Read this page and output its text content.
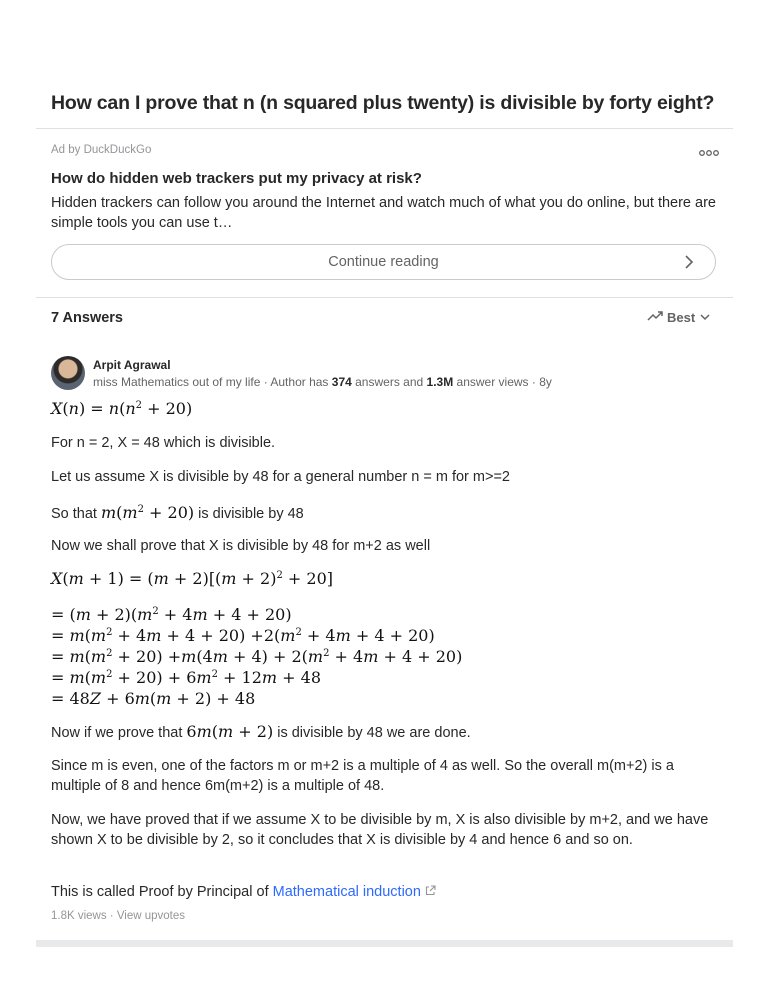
How can I prove that n (n squared plus twenty) is divisible by forty eight?
Ad by DuckDuckGo
How do hidden web trackers put my privacy at risk?
Hidden trackers can follow you around the Internet and watch much of what you do online, but there are simple tools you can use t…
Continue reading
7 Answers	Best
Arpit Agrawal
miss Mathematics out of my life · Author has 374 answers and 1.3M answer views · 8y
$X(n) = n(n^2 + 20)$
For n = 2, X = 48 which is divisible.
Let us assume X is divisible by 48 for a general number n = m for m>=2
So that $m(m^2 + 20)$ is divisible by 48
Now we shall prove that X is divisible by 48 for m+2 as well
$X(m + 1) = (m + 2)[(m + 2)^2 + 20]$
= $(m + 2)(m^2 + 4m + 4 + 20)$
= $m(m^2 + 4m + 4 + 20) +2(m^2 + 4m + 4 + 20)$
= $m(m^2 + 20) +m(4m + 4) + 2(m^2 + 4m + 4 + 20)$
= $m(m^2 + 20) + 6m^2 + 12m + 48$
= 48Z + 6m(m + 2) + 48
Now if we prove that 6m(m + 2) is divisible by 48 we are done.
Since m is even, one of the factors m or m+2 is a multiple of 4 as well. So the overall m(m+2) is a multiple of 8 and hence 6m(m+2) is a multiple of 48.
Now, we have proved that if we assume X to be divisible by m, X is also divisible by m+2, and we have shown X to be divisible by 2, so it concludes that X is divisible by 4 and hence 6 and so on.
This is called Proof by Principal of Mathematical induction
1.8K views · View upvotes
